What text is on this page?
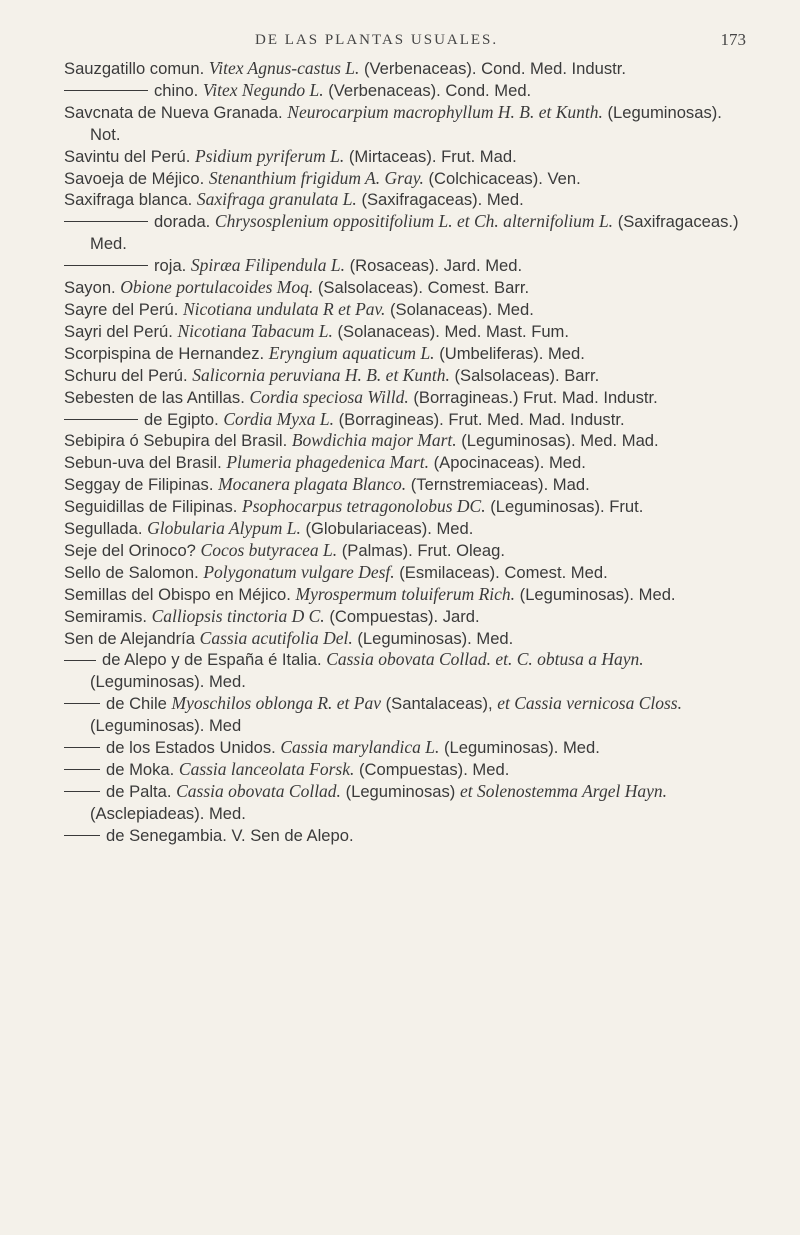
DE LAS PLANTAS USUALES.	173

Sauzgatillo comun. Vitex Agnus-castus L. (Verbenaceas). Cond. Med. Industr.

chino. Vitex Negundo L. (Verbenaceas). Cond. Med.

Savcnata de Nueva Granada. Neurocarpium macrophyllum H. B. et Kunth. (Leguminosas). Not.

Savintu del Perú. Psidium pyriferum L. (Mirtaceas). Frut. Mad.

Savoeja de Méjico. Stenanthium frigidum A. Gray. (Colchicaceas). Ven.

Saxifraga blanca. Saxifraga granulata L. (Saxifragaceas). Med.

dorada. Chrysosplenium oppositifolium L. et Ch. alternifolium L. (Saxifragaceas.) Med.

roja. Spiræa Filipendula L. (Rosaceas). Jard. Med.

Sayon. Obione portulacoides Moq. (Salsolaceas). Comest. Barr.

Sayre del Perú. Nicotiana undulata R et Pav. (Solanaceas). Med.

Sayri del Perú. Nicotiana Tabacum L. (Solanaceas). Med. Mast. Fum.

Scorpispina de Hernandez. Eryngium aquaticum L. (Umbeliferas). Med.

Schuru del Perú. Salicornia peruviana H. B. et Kunth. (Salsolaceas). Barr.

Sebesten de las Antillas. Cordia speciosa Willd. (Borragineas.) Frut. Mad. Industr.

de Egipto. Cordia Myxa L. (Borragineas). Frut. Med. Mad. Industr.

Sebipira ó Sebupira del Brasil. Bowdichia major Mart. (Leguminosas). Med. Mad.

Sebun-uva del Brasil. Plumeria phagedenica Mart. (Apocinaceas). Med.

Seggay de Filipinas. Mocanera plagata Blanco. (Ternstremiaceas). Mad.

Seguidillas de Filipinas. Psophocarpus tetragonolobus DC. (Leguminosas). Frut.

Segullada. Globularia Alypum L. (Globulariaceas). Med.

Seje del Orinoco? Cocos butyracea L. (Palmas). Frut. Oleag.

Sello de Salomon. Polygonatum vulgare Desf. (Esmilaceas). Comest. Med.

Semillas del Obispo en Méjico. Myrospermum toluiferum Rich. (Leguminosas). Med.

Semiramis. Calliopsis tinctoria D C. (Compuestas). Jard.

Sen de Alejandría Cassia acutifolia Del. (Leguminosas). Med.

de Alepo y de España é Italia. Cassia obovata Collad. et. C. obtusa a Hayn. (Leguminosas). Med.

de Chile Myoschilos oblonga R. et Pav (Santalaceas), et Cassia vernicosa Closs. (Leguminosas). Med

de los Estados Unidos. Cassia marylandica L. (Leguminosas). Med.

de Moka. Cassia lanceolata Forsk. (Compuestas). Med.

de Palta. Cassia obovata Collad. (Leguminosas) et Solenostemma Argel Hayn. (Asclepiadeas). Med.

de Senegambia. V. Sen de Alepo.
